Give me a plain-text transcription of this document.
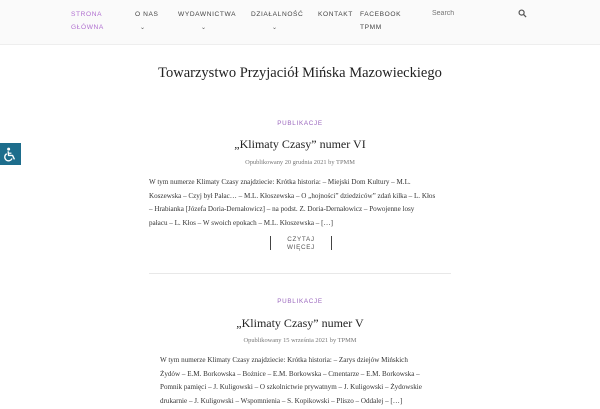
STRONA
GŁÓWNA
O NAS
⌄
WYDAWNICTWA
⌄
DZIAŁALNOŚĆ
⌄
KONTAKT FACEBOOK
TPMM
Search
Towarzystwo Przyjaciół Mińska Mazowieckiego
PUBLIKACJE
„Klimaty Czasy” numer VI
Opublikowany 20 grudnia 2021 by TPMM
W tym numerze Klimaty Czasy znajdziecie: Krótka historia: – Miejski Dom Kultury – M.L.
Koszewska – Czyj był Pałac… – M.L. Kłoszewska – O „hojności” dziedziców” zdań kilka – L. Kłos
– Hrabianka [Józefa Doria-Dernałowicz] – na podst. Z. Doria-Dernałowicz – Powojenne losy
pałacu – L. Kłos – W swoich epokach – M.L. Kłoszewska – […]
CZYTAJ
WIĘCEJ
PUBLIKACJE
„Klimaty Czasy” numer V
Opublikowany 15 września 2021 by TPMM
W tym numerze Klimaty Czasy znajdziecie: Krótka historia: – Zarys dziejów Mińskich
Żydów – E.M. Borkowska – Bożnice – E.M. Borkowska – Cmentarze – E.M. Borkowska –
Pomnik pamięci – J. Kuligowski – O szkolnictwie prywatnym – J. Kuligowski – Żydowskie
drukarnie – J. Kuligowski – Wspomnienia – S. Kopikowski – Pliszo – Oddalej – […]
